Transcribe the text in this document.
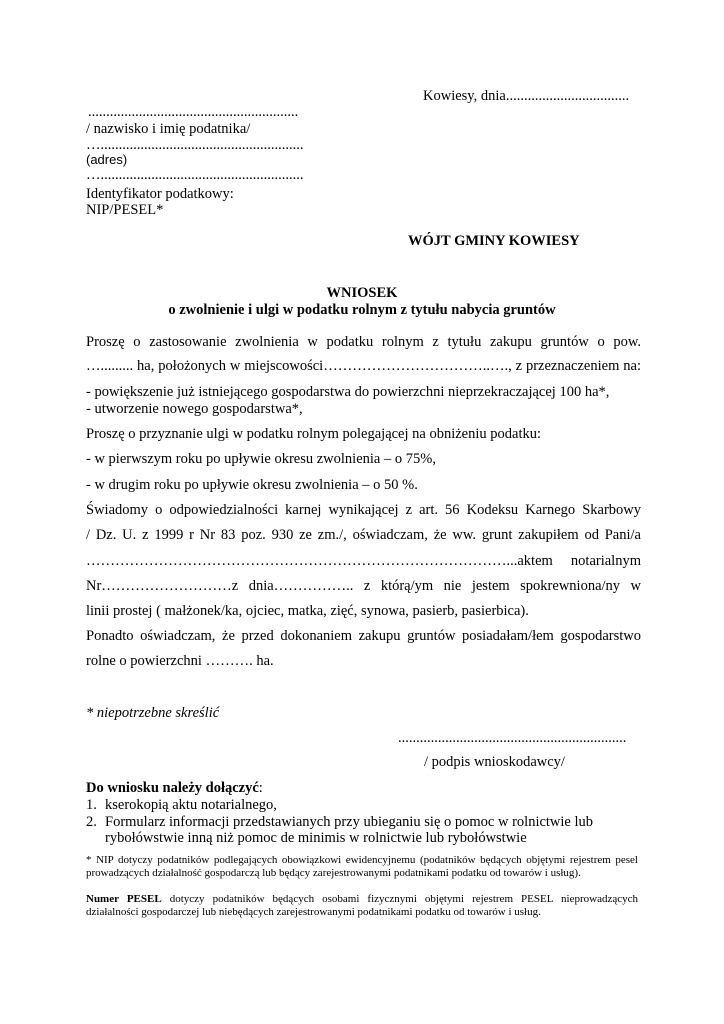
Kowiesy, dnia..................................
..........................................................
/ nazwisko i imię podatnika/
…........................................................
(adres)
…........................................................
Identyfikator podatkowy:
NIP/PESEL*
WÓJT GMINY KOWIESY
WNIOSEK
o zwolnienie i ulgi w podatku rolnym z tytułu nabycia gruntów
Proszę o zastosowanie zwolnienia w podatku rolnym z tytułu zakupu gruntów o pow.
…......... ha, położonych w miejscowości……………………………..…., z przeznaczeniem na:
- powiększenie już istniejącego gospodarstwa do powierzchni nieprzekraczającej 100 ha*,
- utworzenie nowego gospodarstwa*,
Proszę o przyznanie ulgi w podatku rolnym polegającej na obniżeniu podatku:
- w pierwszym roku po upływie okresu zwolnienia – o 75%,
- w drugim roku po upływie okresu zwolnienia – o 50 %.
Świadomy o odpowiedzialności karnej wynikającej z art. 56 Kodeksu Karnego Skarbowy
/ Dz. U. z 1999 r Nr 83 poz. 930 ze zm./, oświadczam, że ww. grunt zakupiłem od Pani/a
……………………………………………………………………………...aktem notarialnym
Nr………………………z dnia…………….. z którą/ym nie jestem spokrewniona/ny w
linii prostej ( małżonek/ka, ojciec, matka, zięć, synowa, pasierb, pasierbica).
Ponadto oświadczam, że przed dokonaniem zakupu gruntów posiadałam/łem gospodarstwo
rolne o powierzchni ………. ha.
* niepotrzebne skreślić
...............................................................
/ podpis wnioskodawcy/
Do wniosku należy dołączyć:
1. kserokopią aktu notarialnego,
2. Formularz informacji przedstawianych przy ubieganiu się o pomoc w rolnictwie lub
rybołówstwie inną niż pomoc de minimis w rolnictwie lub rybołówstwie
* NIP dotyczy podatników podlegających obowiązkowi ewidencyjnemu (podatników będących objętymi rejestrem pesel prowadzących działalność gospodarczą lub będący zarejestrowanymi podatnikami podatku od towarów i usług).
Numer PESEL dotyczy podatników będących osobami fizycznymi objętymi rejestrem PESEL nieprowadzących działalności gospodarczej lub niebędących zarejestrowanymi podatnikami podatku od towarów i usług.
